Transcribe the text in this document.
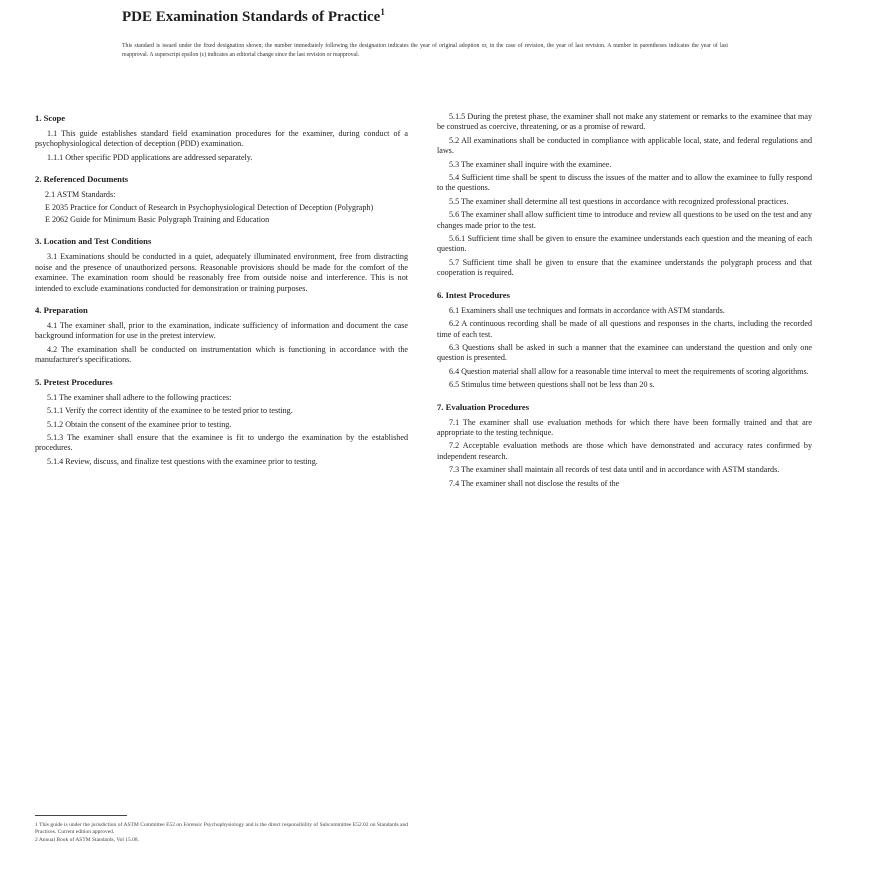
PDE Examination Standards of Practice$^1$
This standard is issued under the fixed designation shown; the number immediately following the designation indicates the year of original adoption or, in the case of revision, the year of last revision. A number in parentheses indicates the year of last reapproval. A superscript epsilon (ε) indicates an editorial change since the last revision or reapproval.
1. Scope

1.1 This guide establishes standard field examination procedures for the examiner, during conduct of a psychophysiological detection of deception (PDD) examination.

1.1.1 Other specific PDD applications are addressed separately.

2. Referenced Documents
2.1 ASTM Standards:
E 2035 Practice for Conduct of Research in Psychophysiological Detection of Deception (Polygraph)
E 2062 Guide for Minimum Basic Polygraph Training and Education
3. Location and Test Conditions

3.1 Examinations should be conducted in a quiet, adequately illuminated environment, free from distracting noise and the presence of unauthorized persons. Reasonable provisions should be made for the comfort of the examinee. The examination room should be reasonably free from outside noise and interference. This is not intended to exclude examinations conducted for demonstration or training purposes.

4. Preparation

4.1 The examiner shall, prior to the examination, indicate sufficiency of information and document the case background information for use in the pretest interview.

4.2 The examination shall be conducted on instrumentation which is functioning in accordance with the manufacturer's specifications.

5. Pretest Procedures

5.1 The examiner shall adhere to the following practices:

5.1.1 Verify the correct identity of the examinee to be tested prior to testing.

5.1.2 Obtain the consent of the examinee prior to testing.

5.1.3 The examiner shall ensure that the examinee is fit to undergo the examination by the established procedures.

5.1.4 Review, discuss, and finalize test questions with the examinee prior to testing.

5.1.5 During the pretest phase, the examiner shall not make any statement or remarks to the examinee that may be construed as coercive, threatening, or as a promise of reward.

5.2 All examinations shall be conducted in compliance with applicable local, state, and federal regulations and laws.

5.3 The examiner shall inquire with the examinee.

5.4 Sufficient time shall be spent to discuss the issues of the matter and to allow the examinee to fully respond to the questions.

5.5 The examiner shall determine all test questions in accordance with recognized professional practices.

5.6 The examiner shall allow sufficient time to introduce and review all questions to be used on the test and any changes made prior to the test.

5.6.1 Sufficient time shall be given to ensure the examinee understands each question and the meaning of each question.

5.7 Sufficient time shall be given to ensure that the examinee understands the polygraph process and that cooperation is required.

6. Intest Procedures

6.1 Examiners shall use techniques and formats in accordance with ASTM standards.

6.2 A continuous recording shall be made of all questions and responses in the charts, including the recorded time of each test.

6.3 Questions shall be asked in such a manner that the examinee can understand the question and only one question is presented.

6.4 Question material shall allow for a reasonable time interval to meet the requirements of scoring algorithms.

6.5 Stimulus time between questions shall not be less than 20 s.

7. Evaluation Procedures

7.1 The examiner shall use evaluation methods for which there have been formally trained and that are appropriate to the testing technique.

7.2 Acceptable evaluation methods are those which have demonstrated and accuracy rates confirmed by independent research.

7.3 The examiner shall maintain all records of test data until and in accordance with ASTM standards.

7.4 The examiner shall not disclose the results of the

1 This guide is under the jurisdiction of ASTM Committee E52 on Forensic Psychophysiology and is the direct responsibility of Subcommittee E52.02 on Standards and Practices. Current edition approved.

2 Annual Book of ASTM Standards, Vol 15.08.
